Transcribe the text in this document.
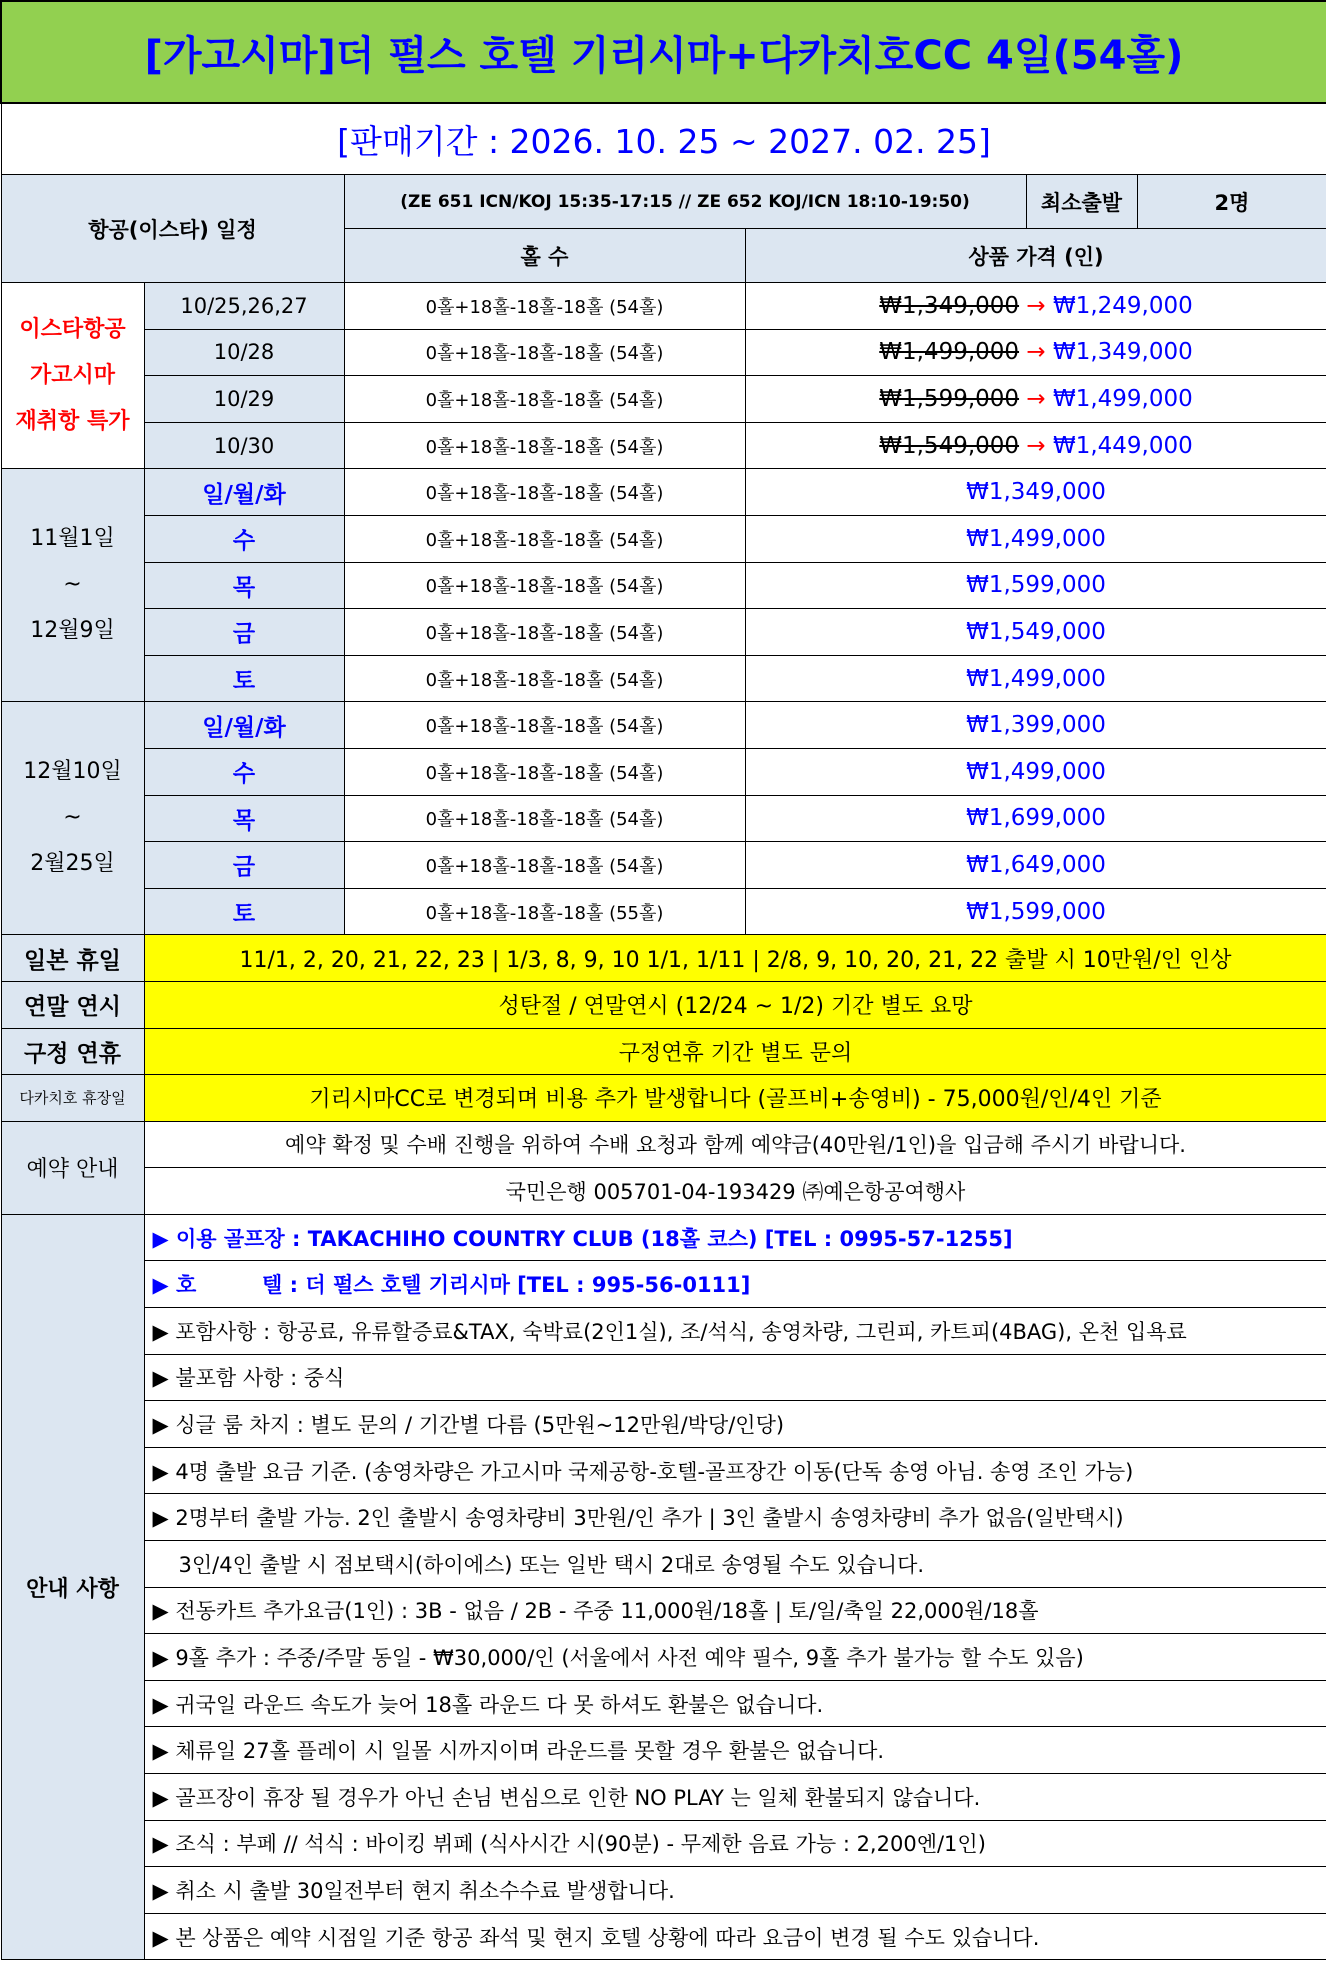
[가고시마]더 펄스 호텔 기리시마+다카치호CC 4일(54홀)					
[판매기간 : 2026. 10. 25 ~ 2027. 02. 25]					
항공(이스타) 일정		(ZE 651 ICN/KOJ 15:35-17:15 // ZE 652 KOJ/ICN 18:10-19:50)		최소출발	2명
		홀 수	상품 가격 (인)		

이스타항공
가고시마
재취항 특가	10/25,26,27	0홀+18홀-18홀-18홀 (54홀)	₩1,349,000 → ₩1,249,000		
	10/28	0홀+18홀-18홀-18홀 (54홀)	₩1,499,000 → ₩1,349,000		
	10/29	0홀+18홀-18홀-18홀 (54홀)	₩1,599,000 → ₩1,499,000		
	10/30	0홀+18홀-18홀-18홀 (54홀)	₩1,549,000 → ₩1,449,000		

11월1일
~
12월9일	일/월/화	0홀+18홀-18홀-18홀 (54홀)	₩1,349,000		
	수	0홀+18홀-18홀-18홀 (54홀)	₩1,499,000		
	목	0홀+18홀-18홀-18홀 (54홀)	₩1,599,000		
	금	0홀+18홀-18홀-18홀 (54홀)	₩1,549,000		
	토	0홀+18홀-18홀-18홀 (54홀)	₩1,499,000		

12월10일
~
2월25일	일/월/화	0홀+18홀-18홀-18홀 (54홀)	₩1,399,000		
	수	0홀+18홀-18홀-18홀 (54홀)	₩1,499,000		
	목	0홀+18홀-18홀-18홀 (54홀)	₩1,699,000		
	금	0홀+18홀-18홀-18홀 (54홀)	₩1,649,000		
	토	0홀+18홀-18홀-18홀 (55홀)	₩1,599,000		
일본 휴일	11/1, 2, 20, 21, 22, 23 | 1/3, 8, 9, 10 1/1, 1/11 | 2/8, 9, 10, 20, 21, 22 출발 시 10만원/인 인상				
연말 연시	성탄절 / 연말연시 (12/24 ~ 1/2) 기간 별도 요망				
구정 연휴	구정연휴 기간 별도 문의				
다카치호 휴장일	기리시마CC로 변경되며 비용 추가 발생합니다 (골프비+송영비) - 75,000원/인/4인 기준				
예약 안내	예약 확정 및 수배 진행을 위하여 수배 요청과 함께 예약금(40만원/1인)을 입금해 주시기 바랍니다.				
	국민은행 005701-04-193429 ㈜예은항공여행사				
안내 사항	▶ 이용 골프장 : TAKACHIHO COUNTRY CLUB (18홀 코스) [TEL : 0995-57-1255]				
	▶ 호         텔 : 더 펄스 호텔 기리시마 [TEL : 995-56-0111]				
	▶ 포함사항 : 항공료, 유류할증료&TAX, 숙박료(2인1실), 조/석식, 송영차량, 그린피, 카트피(4BAG), 온천 입욕료				
	▶ 불포함 사항 : 중식				
	▶ 싱글 룸 차지 : 별도 문의 / 기간별 다름 (5만원~12만원/박당/인당)				
	▶ 4명 출발 요금 기준. (송영차량은 가고시마 국제공항-호텔-골프장간 이동(단독 송영 아님. 송영 조인 가능)				
	▶ 2명부터 출발 가능. 2인 출발시 송영차량비 3만원/인 추가 | 3인 출발시 송영차량비 추가 없음(일반택시)				
	3인/4인 출발 시 점보택시(하이에스) 또는 일반 택시 2대로 송영될 수도 있습니다.				
	▶ 전동카트 추가요금(1인) : 3B - 없음 / 2B - 주중 11,000원/18홀 | 토/일/축일 22,000원/18홀				
	▶ 9홀 추가 : 주중/주말 동일 - ₩30,000/인 (서울에서 사전 예약 필수, 9홀 추가 불가능 할 수도 있음)				
	▶ 귀국일 라운드 속도가 늦어 18홀 라운드 다 못 하셔도 환불은 없습니다.				
	▶ 체류일 27홀 플레이 시 일몰 시까지이며 라운드를 못할 경우 환불은 없습니다.				
	▶ 골프장이 휴장 될 경우가 아닌 손님 변심으로 인한 NO PLAY 는 일체 환불되지 않습니다.				
	▶ 조식 : 부페 // 석식 : 바이킹 뷔페 (식사시간 시(90분) - 무제한 음료 가능 : 2,200엔/1인)				
	▶ 취소 시 출발 30일전부터 현지 취소수수료 발생합니다.				
	▶ 본 상품은 예약 시점일 기준 항공 좌석 및 현지 호텔 상황에 따라 요금이 변경 될 수도 있습니다.				
